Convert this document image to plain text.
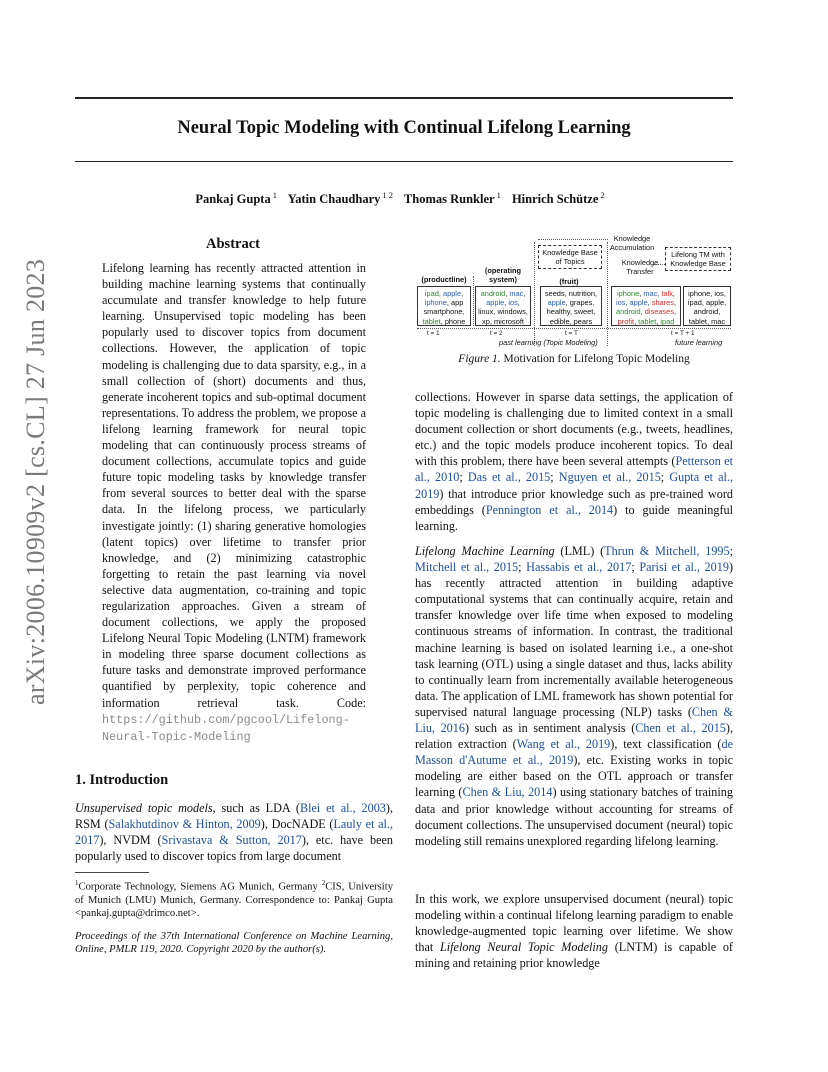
arXiv:2006.10909v2 [cs.CL] 27 Jun 2023
Neural Topic Modeling with Continual Lifelong Learning
Pankaj Gupta $^1$ Yatin Chaudhary $^{1 2}$ Thomas Runkler $^1$ Hinrich Schütze $^2$
Abstract
Lifelong learning has recently attracted attention in building machine learning systems that continually accumulate and transfer knowledge to help future learning. Unsupervised topic modeling has been popularly used to discover topics from document collections. However, the application of topic modeling is challenging due to data sparsity, e.g., in a small collection of (short) documents and thus, generate incoherent topics and sub-optimal document representations. To address the problem, we propose a lifelong learning framework for neural topic modeling that can continuously process streams of document collections, accumulate topics and guide future topic modeling tasks by knowledge transfer from several sources to better deal with the sparse data. In the lifelong process, we particularly investigate jointly: (1) sharing generative homologies (latent topics) over lifetime to transfer prior knowledge, and (2) minimizing catastrophic forgetting to retain the past learning via novel selective data augmentation, co-training and topic regularization approaches. Given a stream of document collections, we apply the proposed Lifelong Neural Topic Modeling (LNTM) framework in modeling three sparse document collections as future tasks and demonstrate improved performance quantified by perplexity, topic coherence and information retrieval task.	Code: https://github.com/pgcool/Lifelong-Neural-Topic-Modeling
1. Introduction
Unsupervised topic models, such as LDA (Blei et al., 2003), RSM (Salakhutdinov & Hinton, 2009), DocNADE (Lauly et al., 2017), NVDM (Srivastava & Sutton, 2017), etc. have been popularly used to discover topics from large document
$^1$Corporate Technology, Siemens AG Munich, Germany $^2$CIS, University of Munich (LMU) Munich, Germany. Correspondence to: Pankaj Gupta <pankaj.gupta@drimco.net>.
Proceedings of the 37th International Conference on Machine Learning, Online, PMLR 119, 2020. Copyright 2020 by the author(s).
Knowledge Base of Topics
Knowledge Accumulation
Knowledge Transfer
Lifelong TM with Knowledge Base
(productline)
(operating system)	(fruit)
ipad, apple,
iphone, app
smartphone,
tablet, phone
android, mac,
apple, ios,
linux, windows,
xp, microsoft
seeds, nutrition,
apple, grapes,
healthy, sweet,
edible, pears
iphone, mac, talk,
ios, apple, shares,
android, diseases,
profit, tablet, ipad
iphone, ios,
ipad, apple,
android,
tablet, mac
t = 1	t = 2	t = T	t = T + 1
past learning (Topic Modeling)	future learning
Figure 1. Motivation for Lifelong Topic Modeling
collections. However in sparse data settings, the application of topic modeling is challenging due to limited context in a small document collection or short documents (e.g., tweets, headlines, etc.) and the topic models produce incoherent topics. To deal with this problem, there have been several attempts (Petterson et al., 2010; Das et al., 2015; Nguyen et al., 2015; Gupta et al., 2019) that introduce prior knowledge such as pre-trained word embeddings (Pennington et al., 2014) to guide meaningful learning.
Lifelong Machine Learning (LML) (Thrun & Mitchell, 1995; Mitchell et al., 2015; Hassabis et al., 2017; Parisi et al., 2019) has recently attracted attention in building adaptive computational systems that can continually acquire, retain and transfer knowledge over life time when exposed to modeling continuous streams of information. In contrast, the traditional machine learning is based on isolated learning i.e., a one-shot task learning (OTL) using a single dataset and thus, lacks ability to continually learn from incrementally available heterogeneous data. The application of LML framework has shown potential for supervised natural language processing (NLP) tasks (Chen & Liu, 2016) such as in sentiment analysis (Chen et al., 2015), relation extraction (Wang et al., 2019), text classification (de Masson d'Autume et al., 2019), etc. Existing works in topic modeling are either based on the OTL approach or transfer learning (Chen & Liu, 2014) using stationary batches of training data and prior knowledge without accounting for streams of document collections. The unsupervised document (neural) topic modeling still remains unexplored regarding lifelong learning.
In this work, we explore unsupervised document (neural) topic modeling within a continual lifelong learning paradigm to enable knowledge-augmented topic learning over lifetime. We show that Lifelong Neural Topic Modeling (LNTM) is capable of mining and retaining prior knowledge
